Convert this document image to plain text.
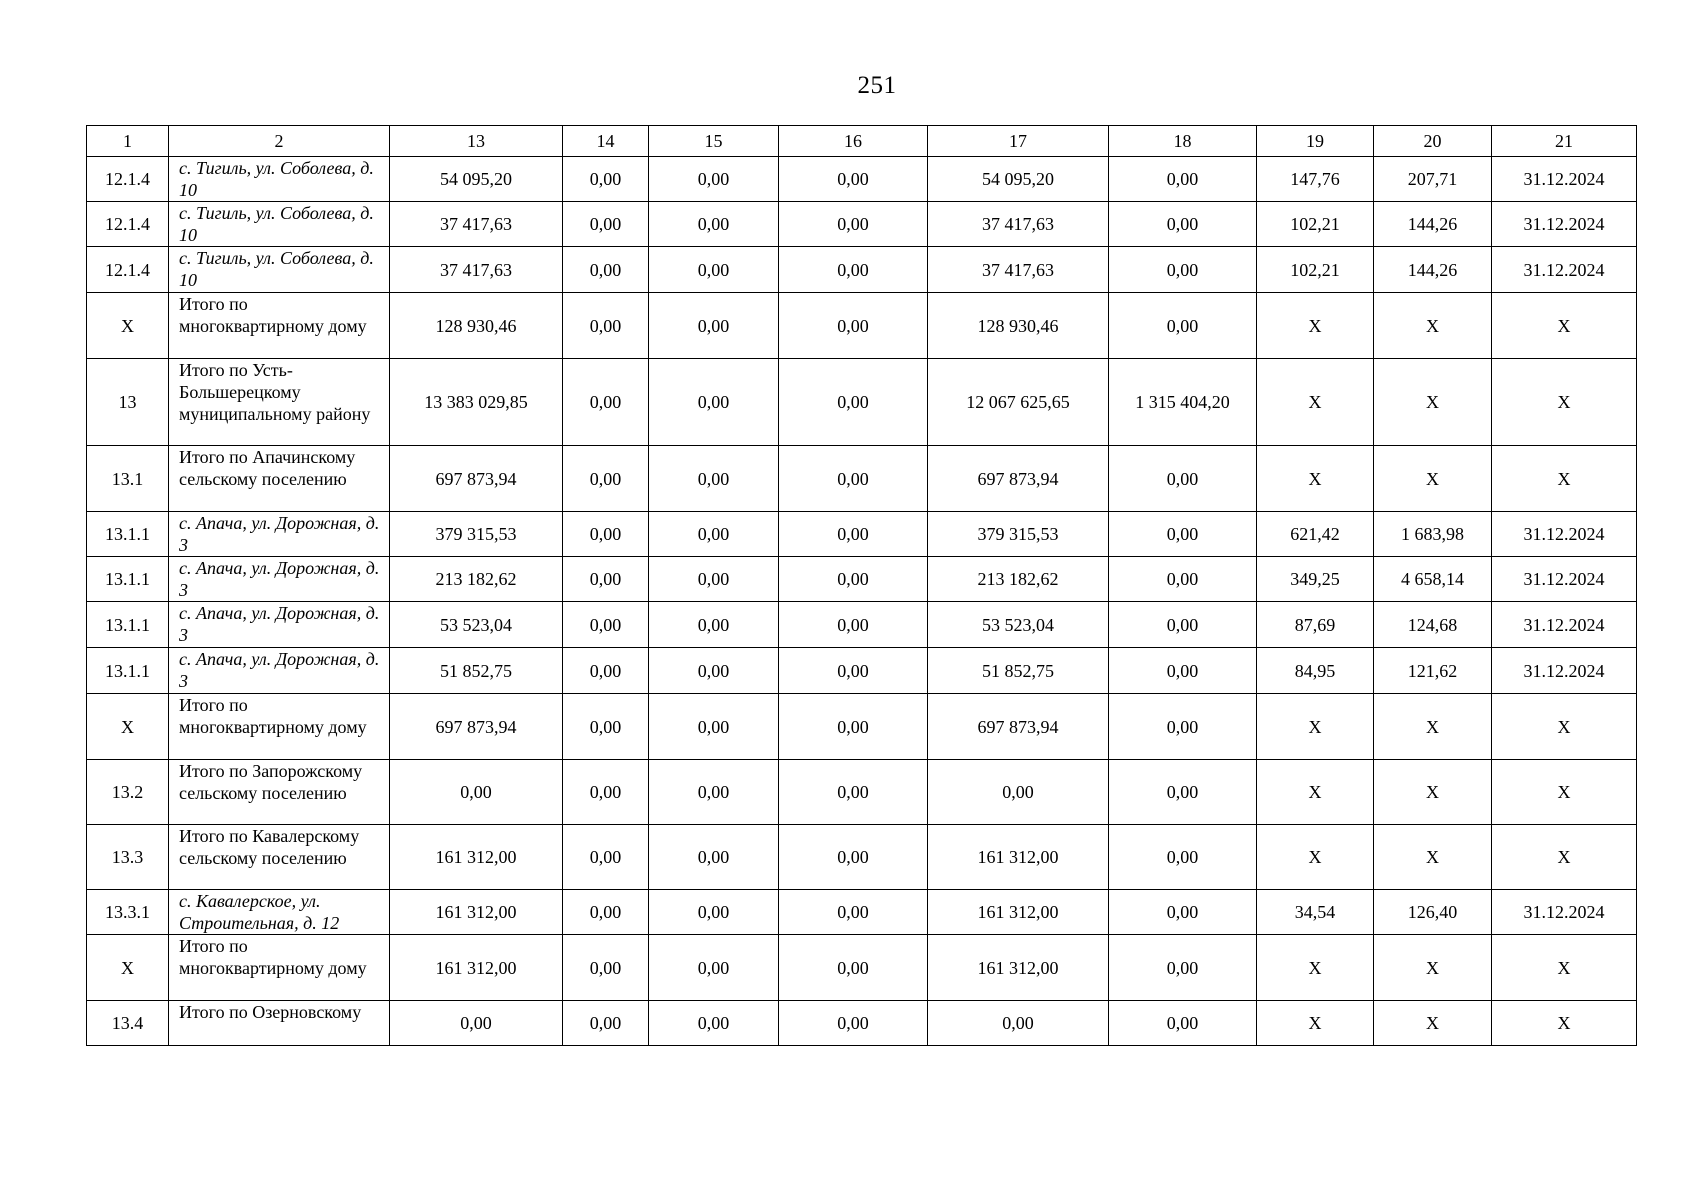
251
1	2	13	14	15	16	17	18	19	20	21
12.1.4	с. Тигиль, ул. Соболева, д. 10	54 095,20	0,00	0,00	0,00	54 095,20	0,00	147,76	207,71	31.12.2024
12.1.4	с. Тигиль, ул. Соболева, д. 10	37 417,63	0,00	0,00	0,00	37 417,63	0,00	102,21	144,26	31.12.2024
12.1.4	с. Тигиль, ул. Соболева, д. 10	37 417,63	0,00	0,00	0,00	37 417,63	0,00	102,21	144,26	31.12.2024
Х	Итого по многоквартирному дому	128 930,46	0,00	0,00	0,00	128 930,46	0,00	Х	Х	Х
13	Итого по Усть-Большерецкому муниципальному району	13 383 029,85	0,00	0,00	0,00	12 067 625,65	1 315 404,20	Х	Х	Х
13.1	Итого по Апачинскому сельскому поселению	697 873,94	0,00	0,00	0,00	697 873,94	0,00	Х	Х	Х
13.1.1	с. Апача, ул. Дорожная, д. 3	379 315,53	0,00	0,00	0,00	379 315,53	0,00	621,42	1 683,98	31.12.2024
13.1.1	с. Апача, ул. Дорожная, д. 3	213 182,62	0,00	0,00	0,00	213 182,62	0,00	349,25	4 658,14	31.12.2024
13.1.1	с. Апача, ул. Дорожная, д. 3	53 523,04	0,00	0,00	0,00	53 523,04	0,00	87,69	124,68	31.12.2024
13.1.1	с. Апача, ул. Дорожная, д. 3	51 852,75	0,00	0,00	0,00	51 852,75	0,00	84,95	121,62	31.12.2024
Х	Итого по многоквартирному дому	697 873,94	0,00	0,00	0,00	697 873,94	0,00	Х	Х	Х
13.2	Итого по Запорожскому сельскому поселению	0,00	0,00	0,00	0,00	0,00	0,00	Х	Х	Х
13.3	Итого по Кавалерскому сельскому поселению	161 312,00	0,00	0,00	0,00	161 312,00	0,00	Х	Х	Х
13.3.1	с. Кавалерское, ул. Строительная, д. 12	161 312,00	0,00	0,00	0,00	161 312,00	0,00	34,54	126,40	31.12.2024
Х	Итого по многоквартирному дому	161 312,00	0,00	0,00	0,00	161 312,00	0,00	Х	Х	Х
13.4	Итого по Озерновскому	0,00	0,00	0,00	0,00	0,00	0,00	Х	Х	Х
